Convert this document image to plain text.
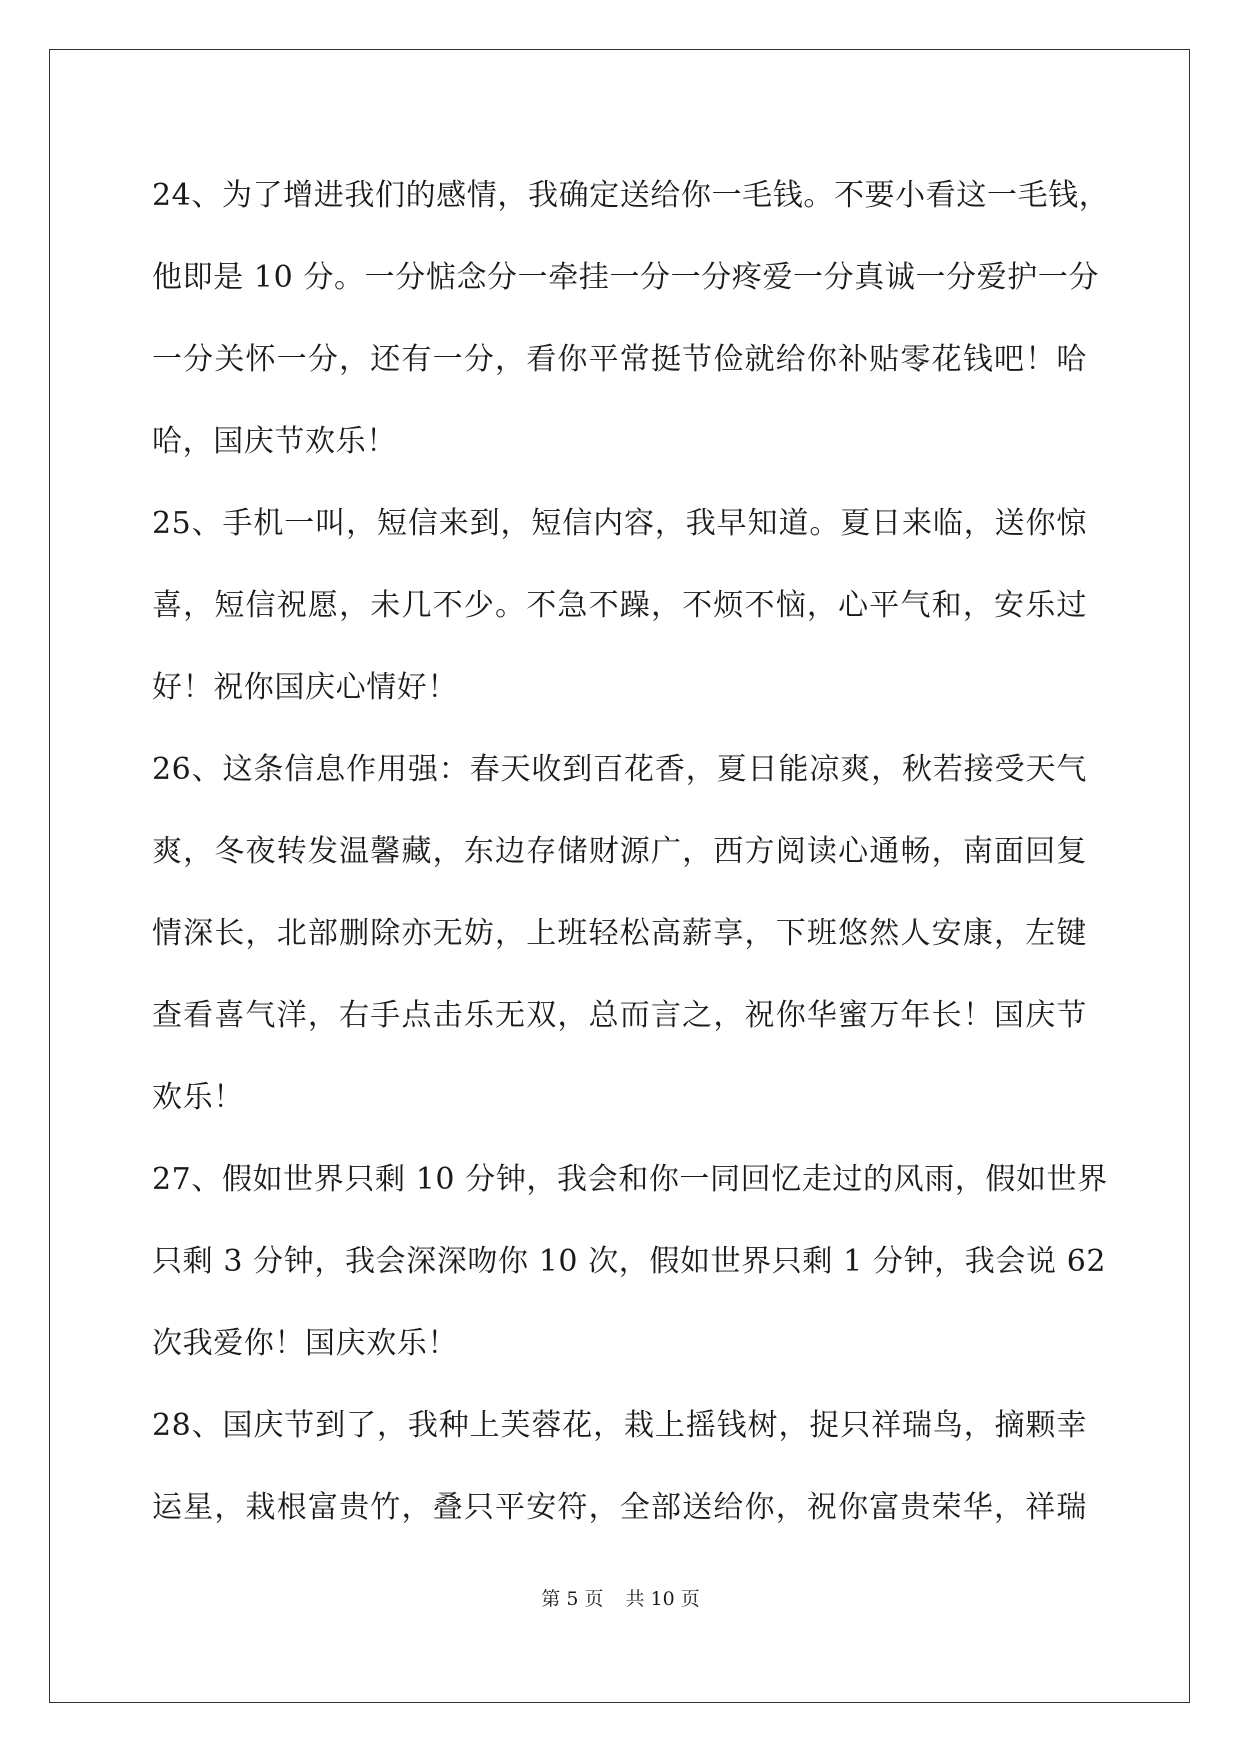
24、为了增进我们的感情，我确定送给你一毛钱。不要小看这一毛钱，
他即是 10 分。一分惦念分一牵挂一分一分疼爱一分真诚一分爱护一分
一分关怀一分，还有一分，看你平常挺节俭就给你补贴零花钱吧！哈
哈，国庆节欢乐！
25、手机一叫，短信来到，短信内容，我早知道。夏日来临，送你惊
喜，短信祝愿，未几不少。不急不躁，不烦不恼，心平气和，安乐过
好！祝你国庆心情好！
26、这条信息作用强：春天收到百花香，夏日能凉爽，秋若接受天气
爽，冬夜转发温馨藏，东边存储财源广，西方阅读心通畅，南面回复
情深长，北部删除亦无妨，上班轻松高薪享，下班悠然人安康，左键
查看喜气洋，右手点击乐无双，总而言之，祝你华蜜万年长！国庆节
欢乐！
27、假如世界只剩 10 分钟，我会和你一同回忆走过的风雨，假如世界
只剩 3 分钟，我会深深吻你 10 次，假如世界只剩 1 分钟，我会说 62
次我爱你！国庆欢乐！
28、国庆节到了，我种上芙蓉花，栽上摇钱树，捉只祥瑞鸟，摘颗幸
运星，栽根富贵竹，叠只平安符，全部送给你，祝你富贵荣华，祥瑞
第 5 页 共 10 页
